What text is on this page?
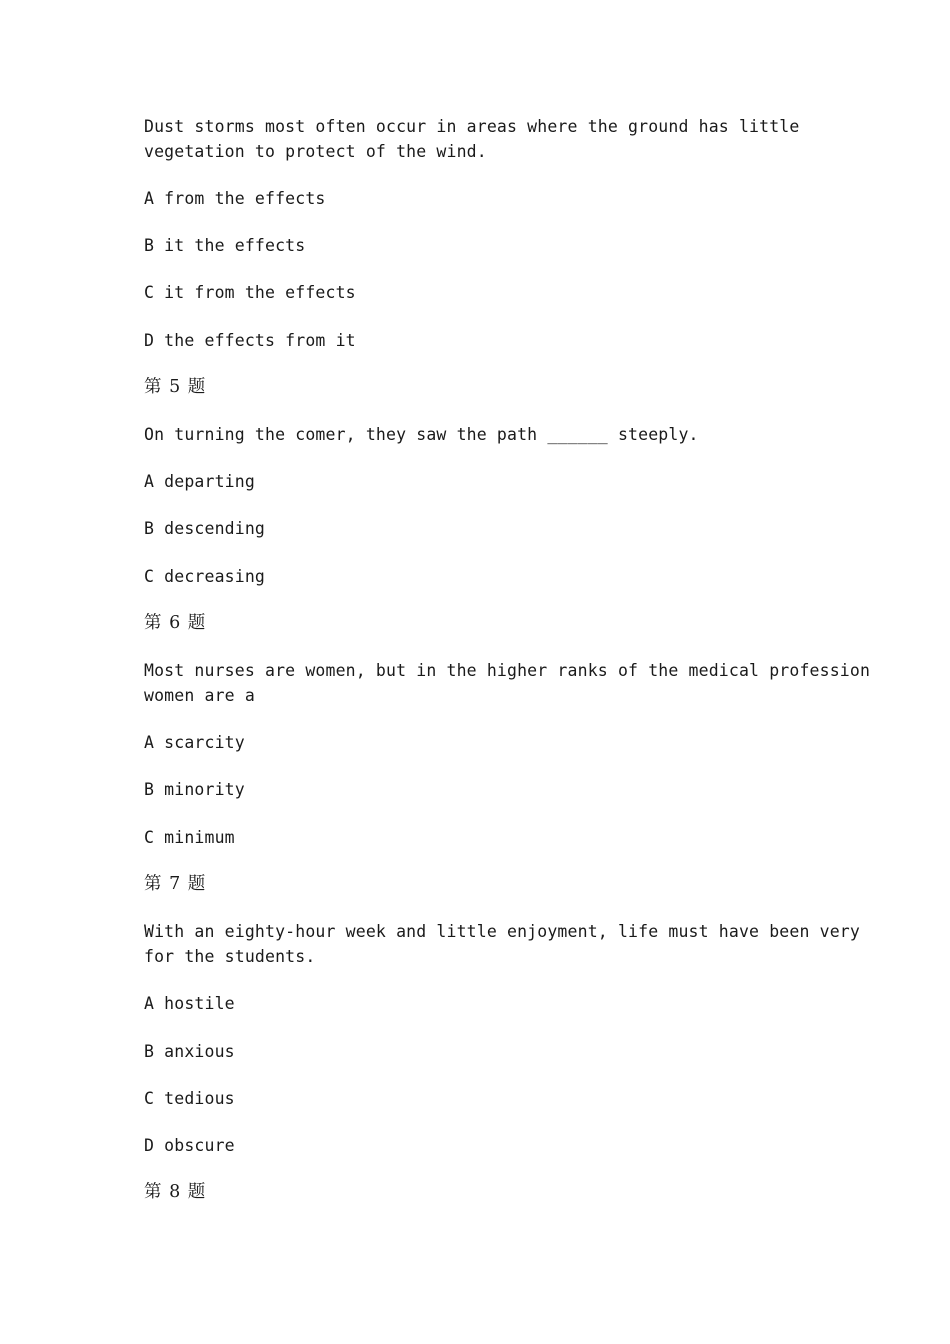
Dust storms most often occur in areas where the ground has little
vegetation to protect of the wind.
A from the effects
B it the effects
C it from the effects
D the effects from it
第 5 题
On turning the comer, they saw the path ______ steeply.
A departing
B descending
C decreasing
第 6 题
Most nurses are women, but in the higher ranks of the medical profession
women are a
A scarcity
B minority
C minimum
第 7 题
With an eighty-hour week and little enjoyment, life must have been very
for the students.
A hostile
B anxious
C tedious
D obscure
第 8 题
